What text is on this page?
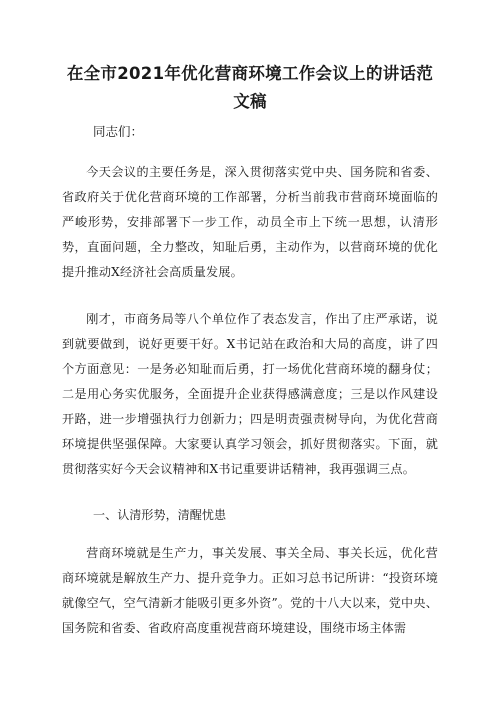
在全市2021年优化营商环境工作会议上的讲话范文稿

同志们：

今天会议的主要任务是，深入贯彻落实党中央、国务院和省委、省政府关于优化营商环境的工作部署，分析当前我市营商环境面临的严峻形势，安排部署下一步工作，动员全市上下统一思想，认清形势，直面问题，全力整改，知耻后勇，主动作为，以营商环境的优化提升推动X经济社会高质量发展。

刚才，市商务局等八个单位作了表态发言，作出了庄严承诺，说到就要做到，说好更要干好。X书记站在政治和大局的高度，讲了四个方面意见：一是务必知耻而后勇，打一场优化营商环境的翻身仗；二是用心务实优服务，全面提升企业获得感满意度；三是以作风建设开路，进一步增强执行力创新力；四是明责强责树导向，为优化营商环境提供坚强保障。大家要认真学习领会，抓好贯彻落实。下面，就贯彻落实好今天会议精神和X书记重要讲话精神，我再强调三点。

一、认清形势，清醒忧患

营商环境就是生产力，事关发展、事关全局、事关长远，优化营商环境就是解放生产力、提升竞争力。正如习总书记所讲：“投资环境就像空气，空气清新才能吸引更多外资”。党的十八大以来，党中央、国务院和省委、省政府高度重视营商环境建设，围绕市场主体需
